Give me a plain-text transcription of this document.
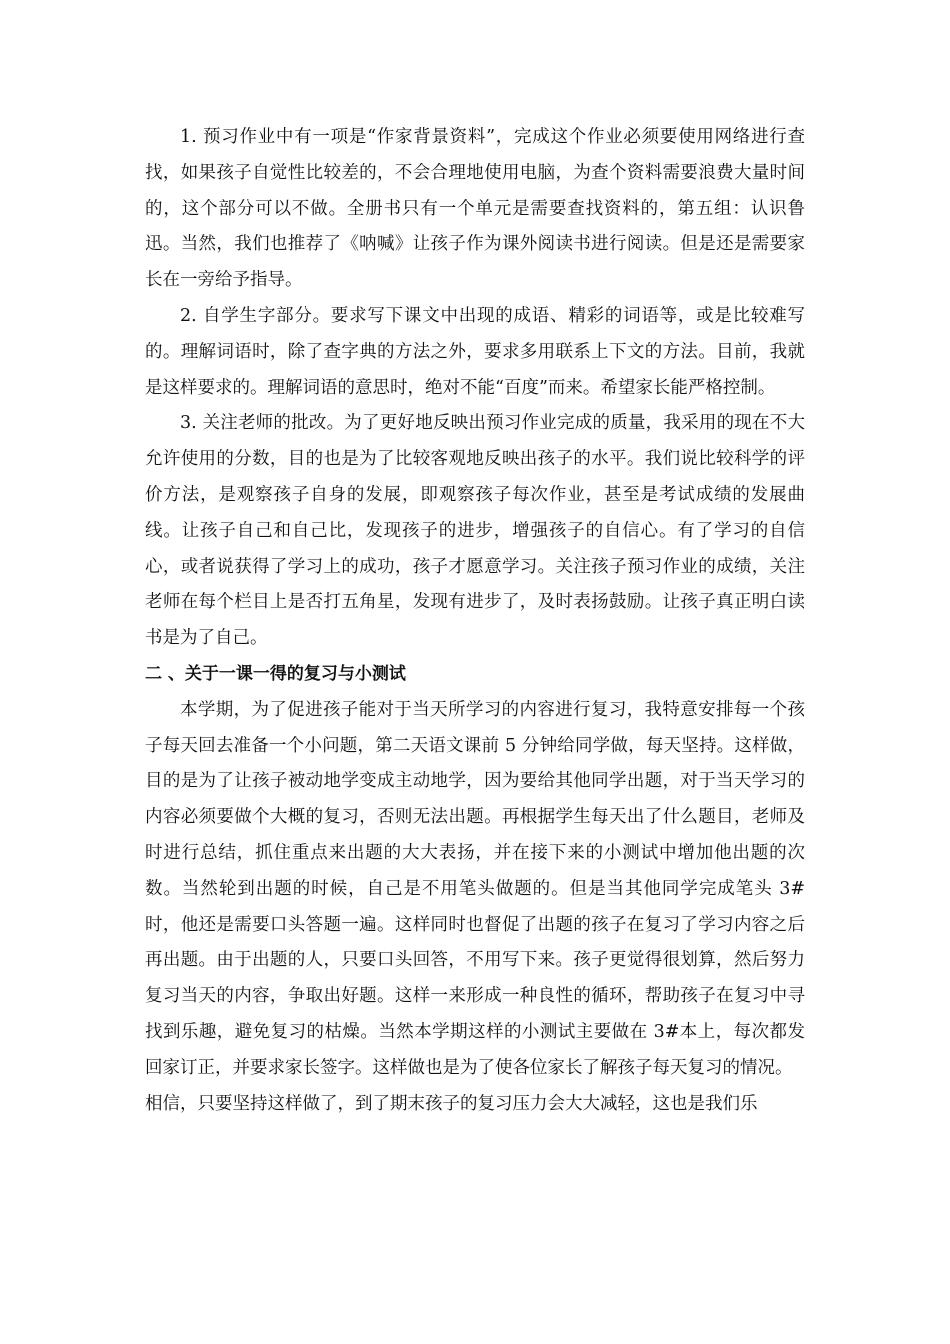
1. 预习作业中有一项是“作家背景资料”，完成这个作业必须要使用网络进行查找，如果孩子自觉性比较差的，不会合理地使用电脑，为查个资料需要浪费大量时间的，这个部分可以不做。全册书只有一个单元是需要查找资料的，第五组：认识鲁迅。当然，我们也推荐了《呐喊》让孩子作为课外阅读书进行阅读。但是还是需要家长在一旁给予指导。

2. 自学生字部分。要求写下课文中出现的成语、精彩的词语等，或是比较难写的。理解词语时，除了查字典的方法之外，要求多用联系上下文的方法。目前，我就是这样要求的。理解词语的意思时，绝对不能“百度”而来。希望家长能严格控制。

3. 关注老师的批改。为了更好地反映出预习作业完成的质量，我采用的现在不大允许使用的分数，目的也是为了比较客观地反映出孩子的水平。我们说比较科学的评价方法，是观察孩子自身的发展，即观察孩子每次作业，甚至是考试成绩的发展曲线。让孩子自己和自己比，发现孩子的进步，增强孩子的自信心。有了学习的自信心，或者说获得了学习上的成功，孩子才愿意学习。关注孩子预习作业的成绩，关注老师在每个栏目上是否打五角星，发现有进步了，及时表扬鼓励。让孩子真正明白读书是为了自己。

二 、关于一课一得的复习与小测试

本学期，为了促进孩子能对于当天所学习的内容进行复习，我特意安排每一个孩子每天回去准备一个小问题，第二天语文课前 5 分钟给同学做，每天坚持。这样做，目的是为了让孩子被动地学变成主动地学，因为要给其他同学出题，对于当天学习的内容必须要做个大概的复习，否则无法出题。再根据学生每天出了什么题目，老师及时进行总结，抓住重点来出题的大大表扬，并在接下来的小测试中增加他出题的次数。当然轮到出题的时候，自己是不用笔头做题的。但是当其他同学完成笔头 3#时，他还是需要口头答题一遍。这样同时也督促了出题的孩子在复习了学习内容之后再出题。由于出题的人，只要口头回答，不用写下来。孩子更觉得很划算，然后努力复习当天的内容，争取出好题。这样一来形成一种良性的循环，帮助孩子在复习中寻找到乐趣，避免复习的枯燥。当然本学期这样的小测试主要做在 3#本上，每次都发回家订正，并要求家长签字。这样做也是为了使各位家长了解孩子每天复习的情况。

相信，只要坚持这样做了，到了期末孩子的复习压力会大大减轻，这也是我们乐
